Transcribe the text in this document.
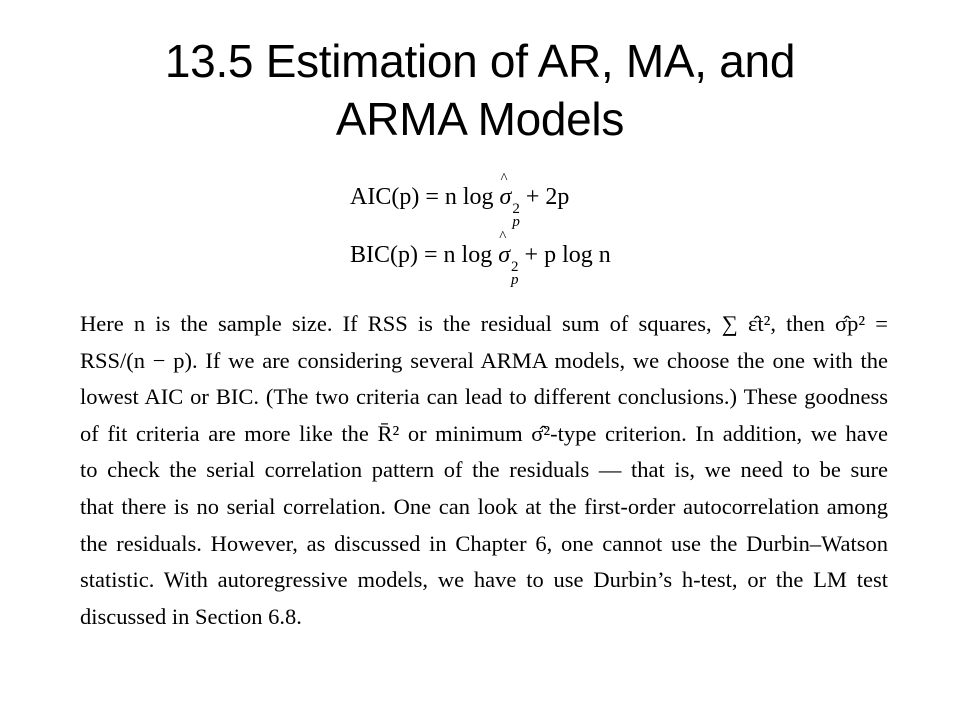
13.5 Estimation of AR, MA, and
ARMA Models
AIC(p) = n log ^ σ 2
p
+ 2p
BIC(p) = n log ^ σ 2
p
+ p log n
Here n is the sample size. If RSS is the residual sum of squares, ∑ ε̂t², then σ̂p² =
RSS/(n − p). If we are considering several ARMA models, we choose the one with the
lowest AIC or BIC. (The two criteria can lead to different conclusions.) These goodness
of fit criteria are more like the R̄² or minimum σ̂²-type criterion. In addition, we have
to check the serial correlation pattern of the residuals — that is, we need to be sure
that there is no serial correlation. One can look at the first-order autocorrelation among
the residuals. However, as discussed in Chapter 6, one cannot use the Durbin–Watson
statistic. With autoregressive models, we have to use Durbin’s h-test, or the LM test
discussed in Section 6.8.
